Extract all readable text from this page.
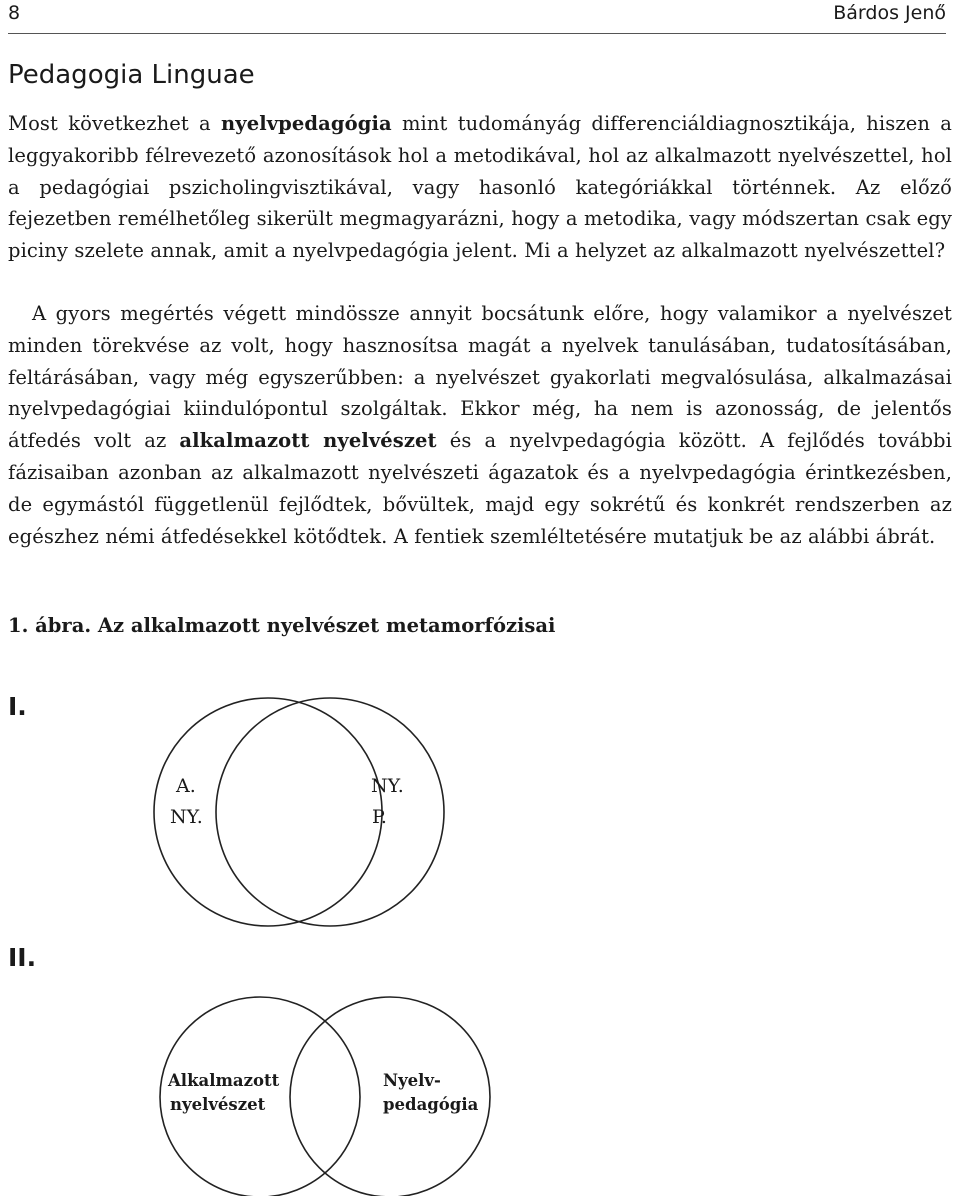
8	Bárdos Jenő
Pedagogia Linguae

Most következhet a nyelvpedagógia mint tudományág differenciáldiagnosztikája, hiszen a leggyakoribb félrevezető azonosítások hol a metodikával, hol az alkalmazott nyelvészettel, hol a pedagógiai pszicholingvisztikával, vagy hasonló kategóriákkal történnek. Az előző fejezetben remélhetőleg sikerült megmagyarázni, hogy a metodika, vagy módszertan csak egy piciny szelete annak, amit a nyelvpedagógia jelent. Mi a helyzet az alkalmazott nyelvészettel?

A gyors megértés végett mindössze annyit bocsátunk előre, hogy valamikor a nyelvészet minden törekvése az volt, hogy hasznosítsa magát a nyelvek tanulásában, tudatosításában, feltárásában, vagy még egyszerűbben: a nyelvészet gyakorlati megvalósulása, alkalmazásai nyelvpedagógiai kiindulópontul szolgáltak. Ekkor még, ha nem is azonosság, de jelentős átfedés volt az alkalmazott nyelvészet és a nyelvpedagógia között. A fejlődés további fázisaiban azonban az alkalmazott nyelvészeti ágazatok és a nyelvpedagógia érintkezésben, de egymástól függetlenül fejlődtek, bővültek, majd egy sokrétű és konkrét rendszerben az egészhez némi átfedésekkel kötődtek. A fentiek szemléltetésére mutatjuk be az alábbi ábrát.

1. ábra. Az alkalmazott nyelvészet metamorfózisai

I.
A.
NY.
NY.
P.
II.
Alkalmazott
nyelvészet
Nyelv-
pedagógia
